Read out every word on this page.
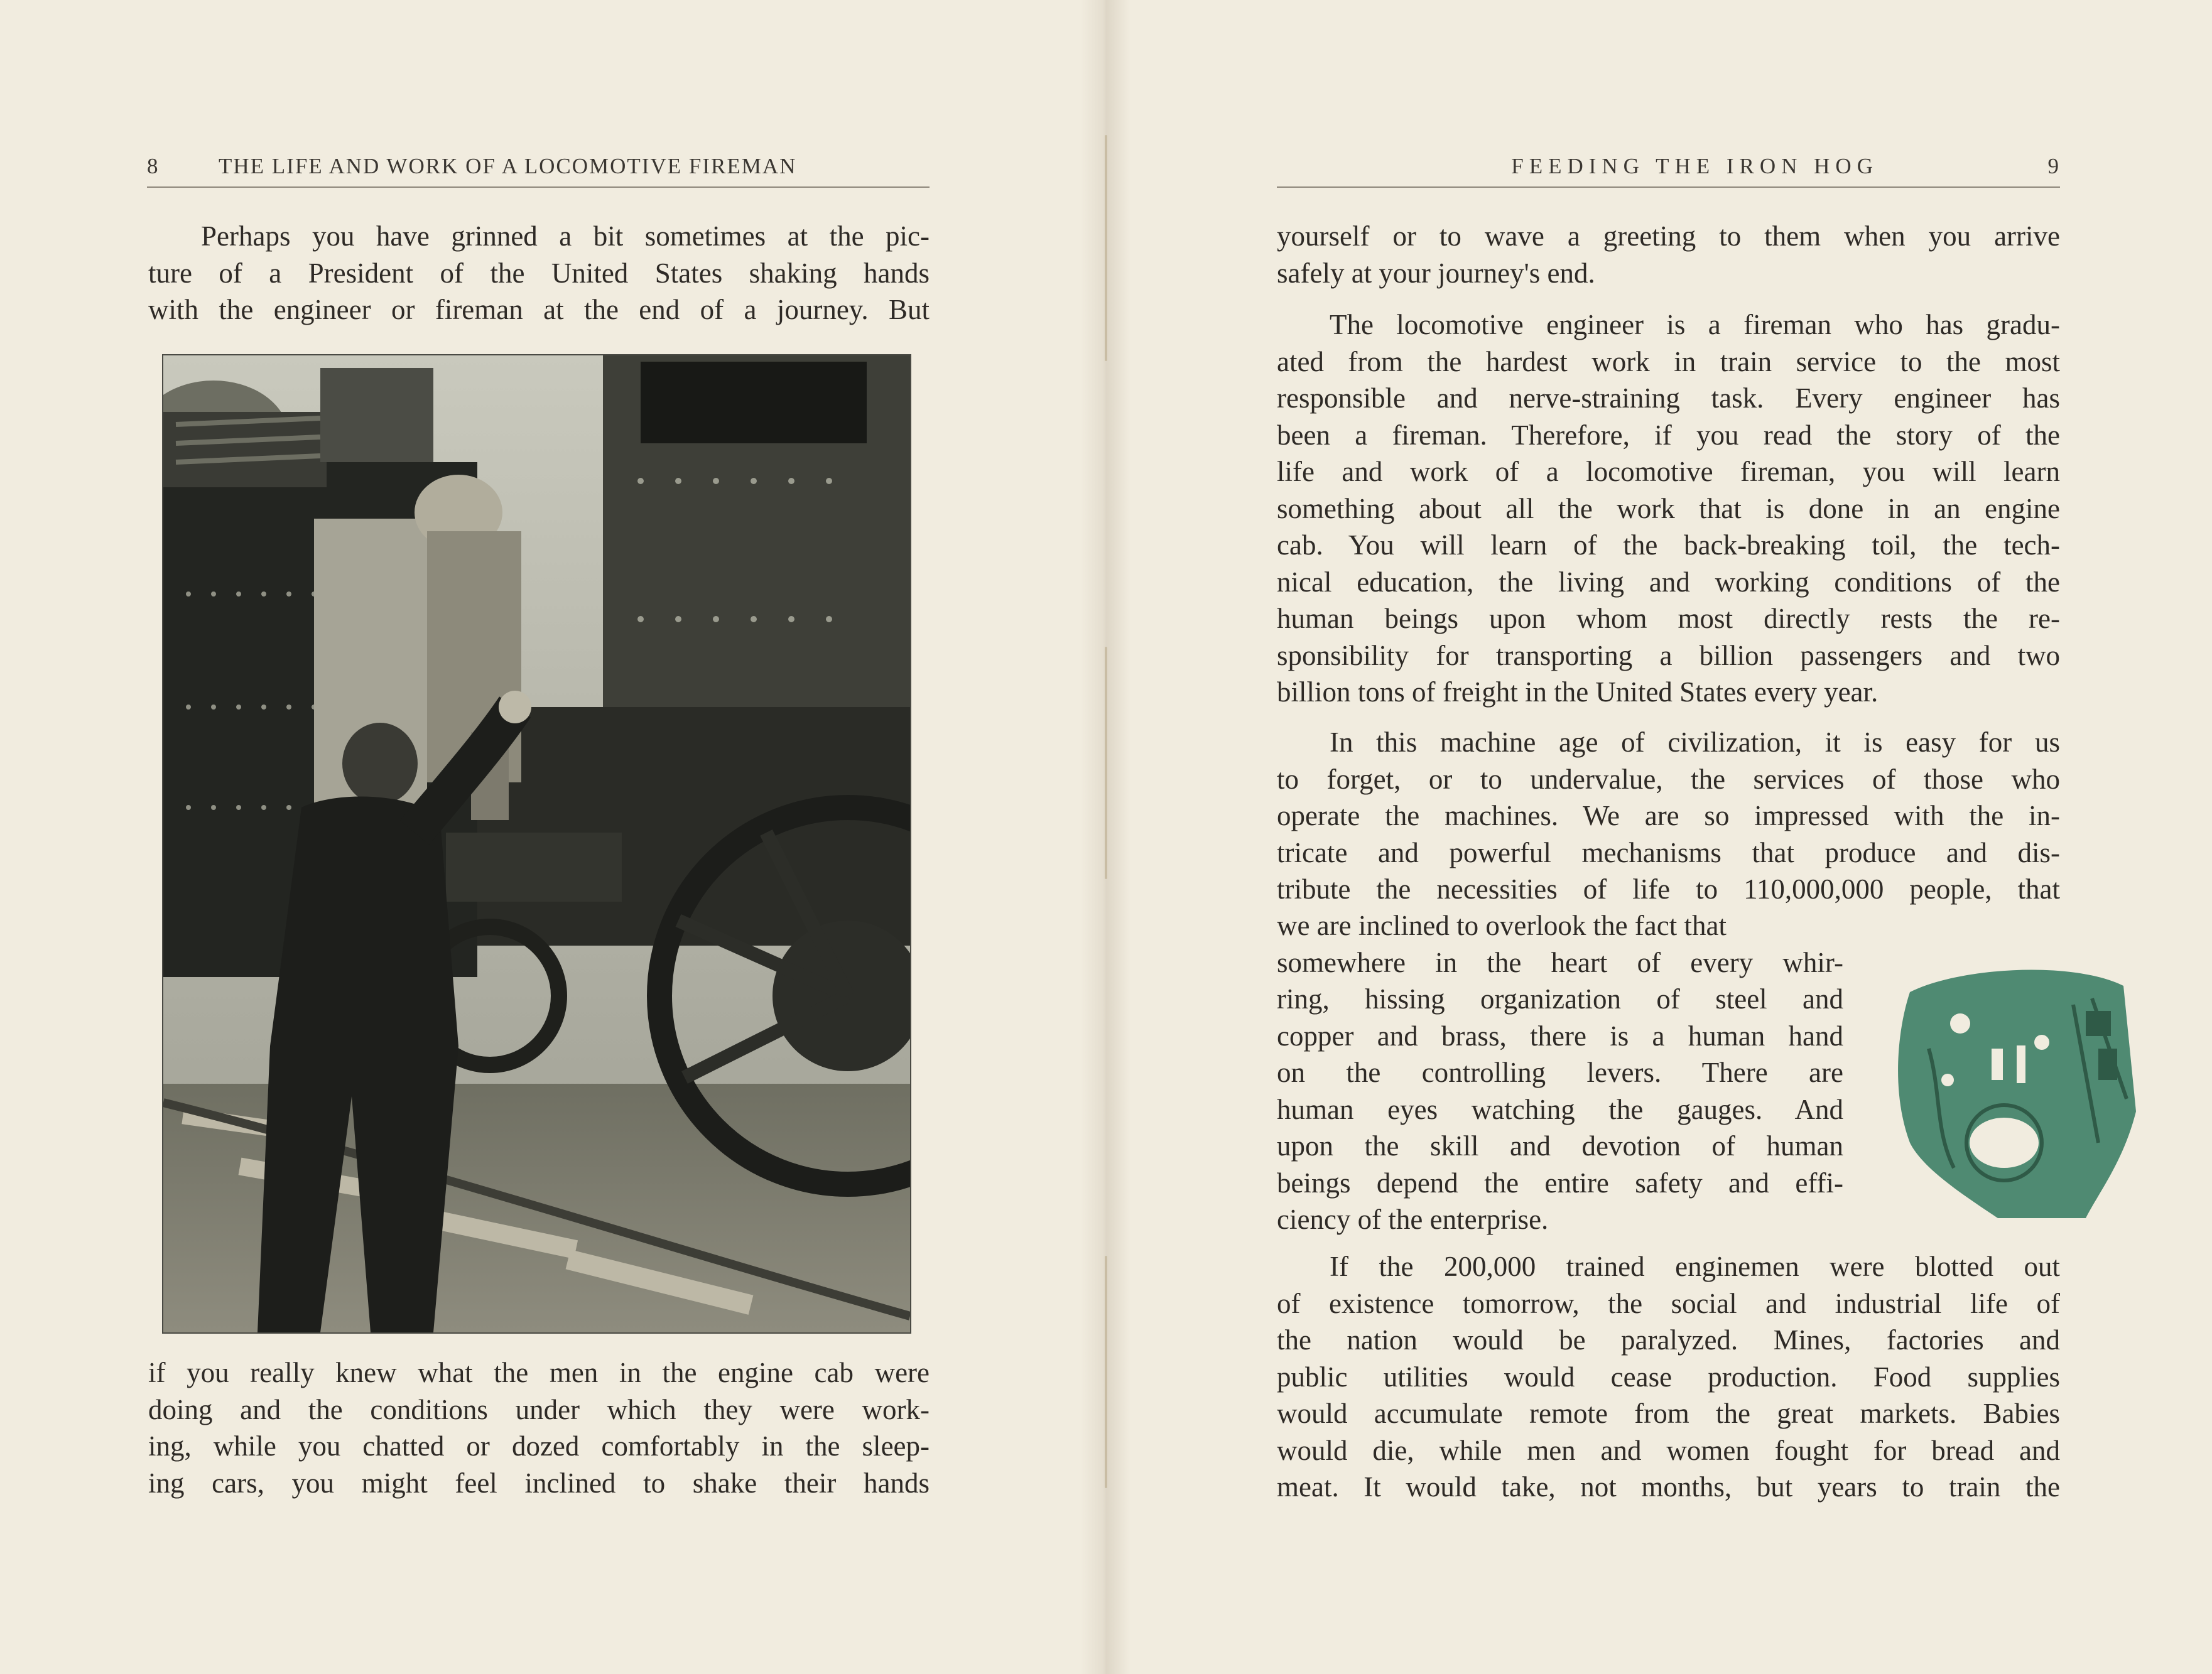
8	THE LIFE AND WORK OF A LOCOMOTIVE FIREMAN
Perhaps you have grinned a bit sometimes at the pic-
ture of a President of the United States shaking hands
with the engineer or fireman at the end of a journey. But
if you really knew what the men in the engine cab were
doing and the conditions under which they were work-
ing, while you chatted or dozed comfortably in the sleep-
ing cars, you might feel inclined to shake their hands
FEEDING THE IRON HOG	9
yourself or to wave a greeting to them when you arrive
safely at your journey's end.
The locomotive engineer is a fireman who has gradu-
ated from the hardest work in train service to the most
responsible and nerve-straining task. Every engineer has
been a fireman. Therefore, if you read the story of the
life and work of a locomotive fireman, you will learn
something about all the work that is done in an engine
cab. You will learn of the back-breaking toil, the tech-
nical education, the living and working conditions of the
human beings upon whom most directly rests the re-
sponsibility for transporting a billion passengers and two
billion tons of freight in the United States every year.
In this machine age of civilization, it is easy for us
to forget, or to undervalue, the services of those who
operate the machines. We are so impressed with the in-
tricate and powerful mechanisms that produce and dis-
tribute the necessities of life to 110,000,000 people, that
we are inclined to overlook the fact that
somewhere in the heart of every whir-
ring, hissing organization of steel and
copper and brass, there is a human hand
on the controlling levers. There are
human eyes watching the gauges. And
upon the skill and devotion of human
beings depend the entire safety and effi-
ciency of the enterprise.
If the 200,000 trained enginemen were blotted out
of existence tomorrow, the social and industrial life of
the nation would be paralyzed. Mines, factories and
public utilities would cease production. Food supplies
would accumulate remote from the great markets. Babies
would die, while men and women fought for bread and
meat. It would take, not months, but years to train the
